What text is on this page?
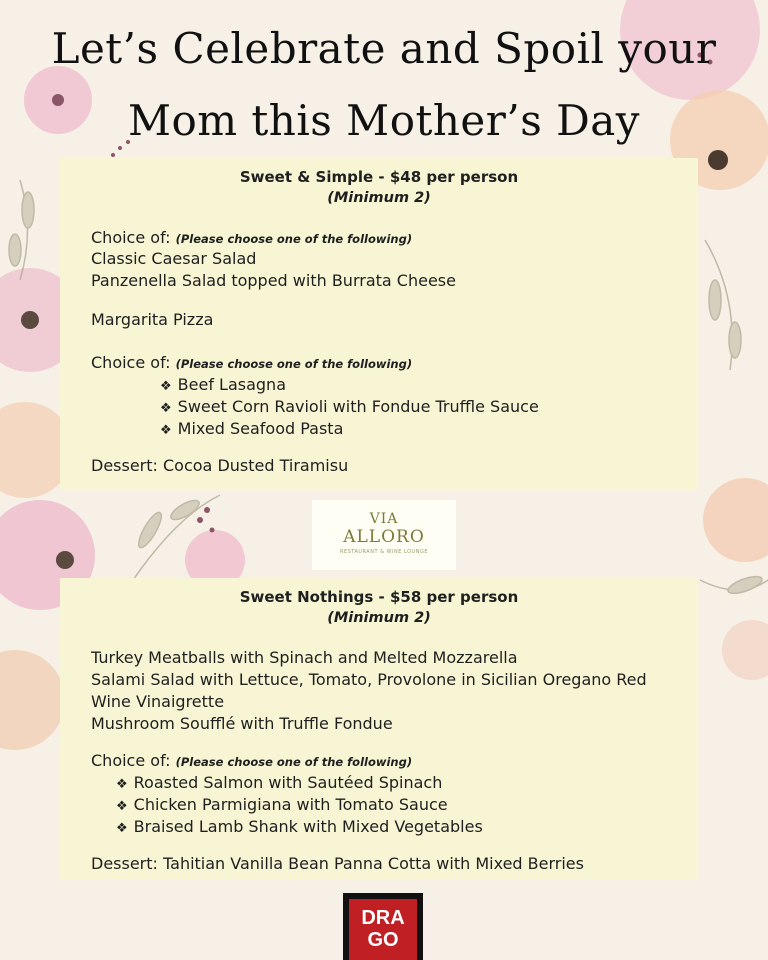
Let’s Celebrate and Spoil your
Mom this Mother’s Day
Sweet & Simple - $48 per person
(Minimum 2)
Choice of: (Please choose one of the following)
Classic Caesar Salad
Panzenella Salad topped with Burrata Cheese
Margarita Pizza
Choice of: (Please choose one of the following)
❖ Beef Lasagna
❖ Sweet Corn Ravioli with Fondue Truffle Sauce
❖ Mixed Seafood Pasta
Dessert: Cocoa Dusted Tiramisu
VIA
ALLORO
RESTAURANT & WINE LOUNGE
Sweet Nothings - $58 per person
(Minimum 2)
Turkey Meatballs with Spinach and Melted Mozzarella
Salami Salad with Lettuce, Tomato, Provolone in Sicilian Oregano Red
Wine Vinaigrette
Mushroom Soufflé with Truffle Fondue
Choice of: (Please choose one of the following)
❖ Roasted Salmon with Sautéed Spinach
❖ Chicken Parmigiana with Tomato Sauce
❖ Braised Lamb Shank with Mixed Vegetables
Dessert: Tahitian Vanilla Bean Panna Cotta with Mixed Berries
DRA
GO
